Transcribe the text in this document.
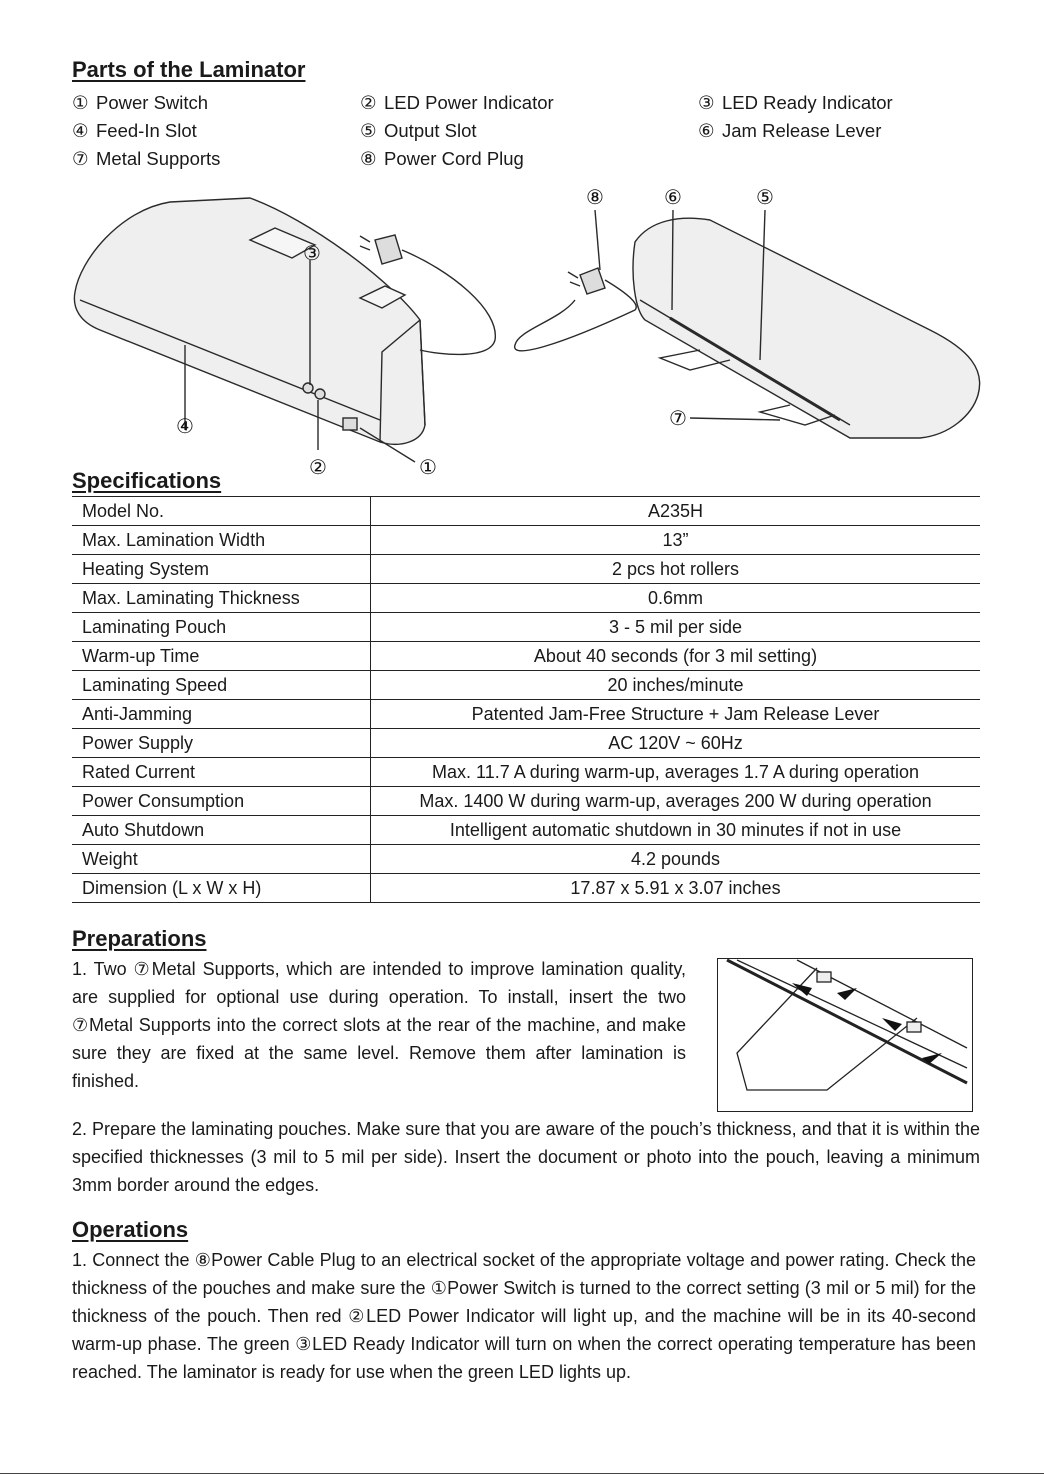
Parts of the Laminator
① Power Switch	② LED Power Indicator	③ LED Ready Indicator
④ Feed-In Slot	⑤ Output Slot	⑥ Jam Release Lever
⑦ Metal Supports	⑧ Power Cord Plug
③
④
②	①
⑧	⑥	⑤
⑦
Specifications
Model No.	A235H
Max. Lamination Width	13”
Heating System	2 pcs hot rollers
Max. Laminating Thickness	0.6mm
Laminating Pouch	3 - 5 mil per side
Warm-up Time	About 40 seconds (for 3 mil setting)
Laminating Speed	20 inches/minute
Anti-Jamming	Patented Jam-Free Structure + Jam Release Lever
Power Supply	AC 120V ~ 60Hz
Rated Current	Max. 11.7 A during warm-up, averages 1.7 A during operation
Power Consumption	Max. 1400 W during warm-up, averages 200 W during operation
Auto Shutdown	Intelligent automatic shutdown in 30 minutes if not in use
Weight	4.2 pounds
Dimension (L x W x H)	17.87 x 5.91 x 3.07 inches
Preparations

1. Two ⑦Metal Supports, which are intended to improve lamination quality, are supplied for optional use during operation. To install, insert the two ⑦Metal Supports into the correct slots at the rear of the machine, and make sure they are fixed at the same level. Remove them after lamination is finished.

2. Prepare the laminating pouches. Make sure that you are aware of the pouch’s thickness, and that it is within the specified thicknesses (3 mil to 5 mil per side). Insert the document or photo into the pouch, leaving a minimum 3mm border around the edges.

Operations

1. Connect the ⑧Power Cable Plug to an electrical socket of the appropriate voltage and power rating. Check the thickness of the pouches and make sure the ①Power Switch is turned to the correct setting (3 mil or 5 mil) for the thickness of the pouch. Then red ②LED Power Indicator will light up, and the machine will be in its 40-second warm-up phase. The green ③LED Ready Indicator will turn on when the correct operating temperature has been reached. The laminator is ready for use when the green LED lights up.
